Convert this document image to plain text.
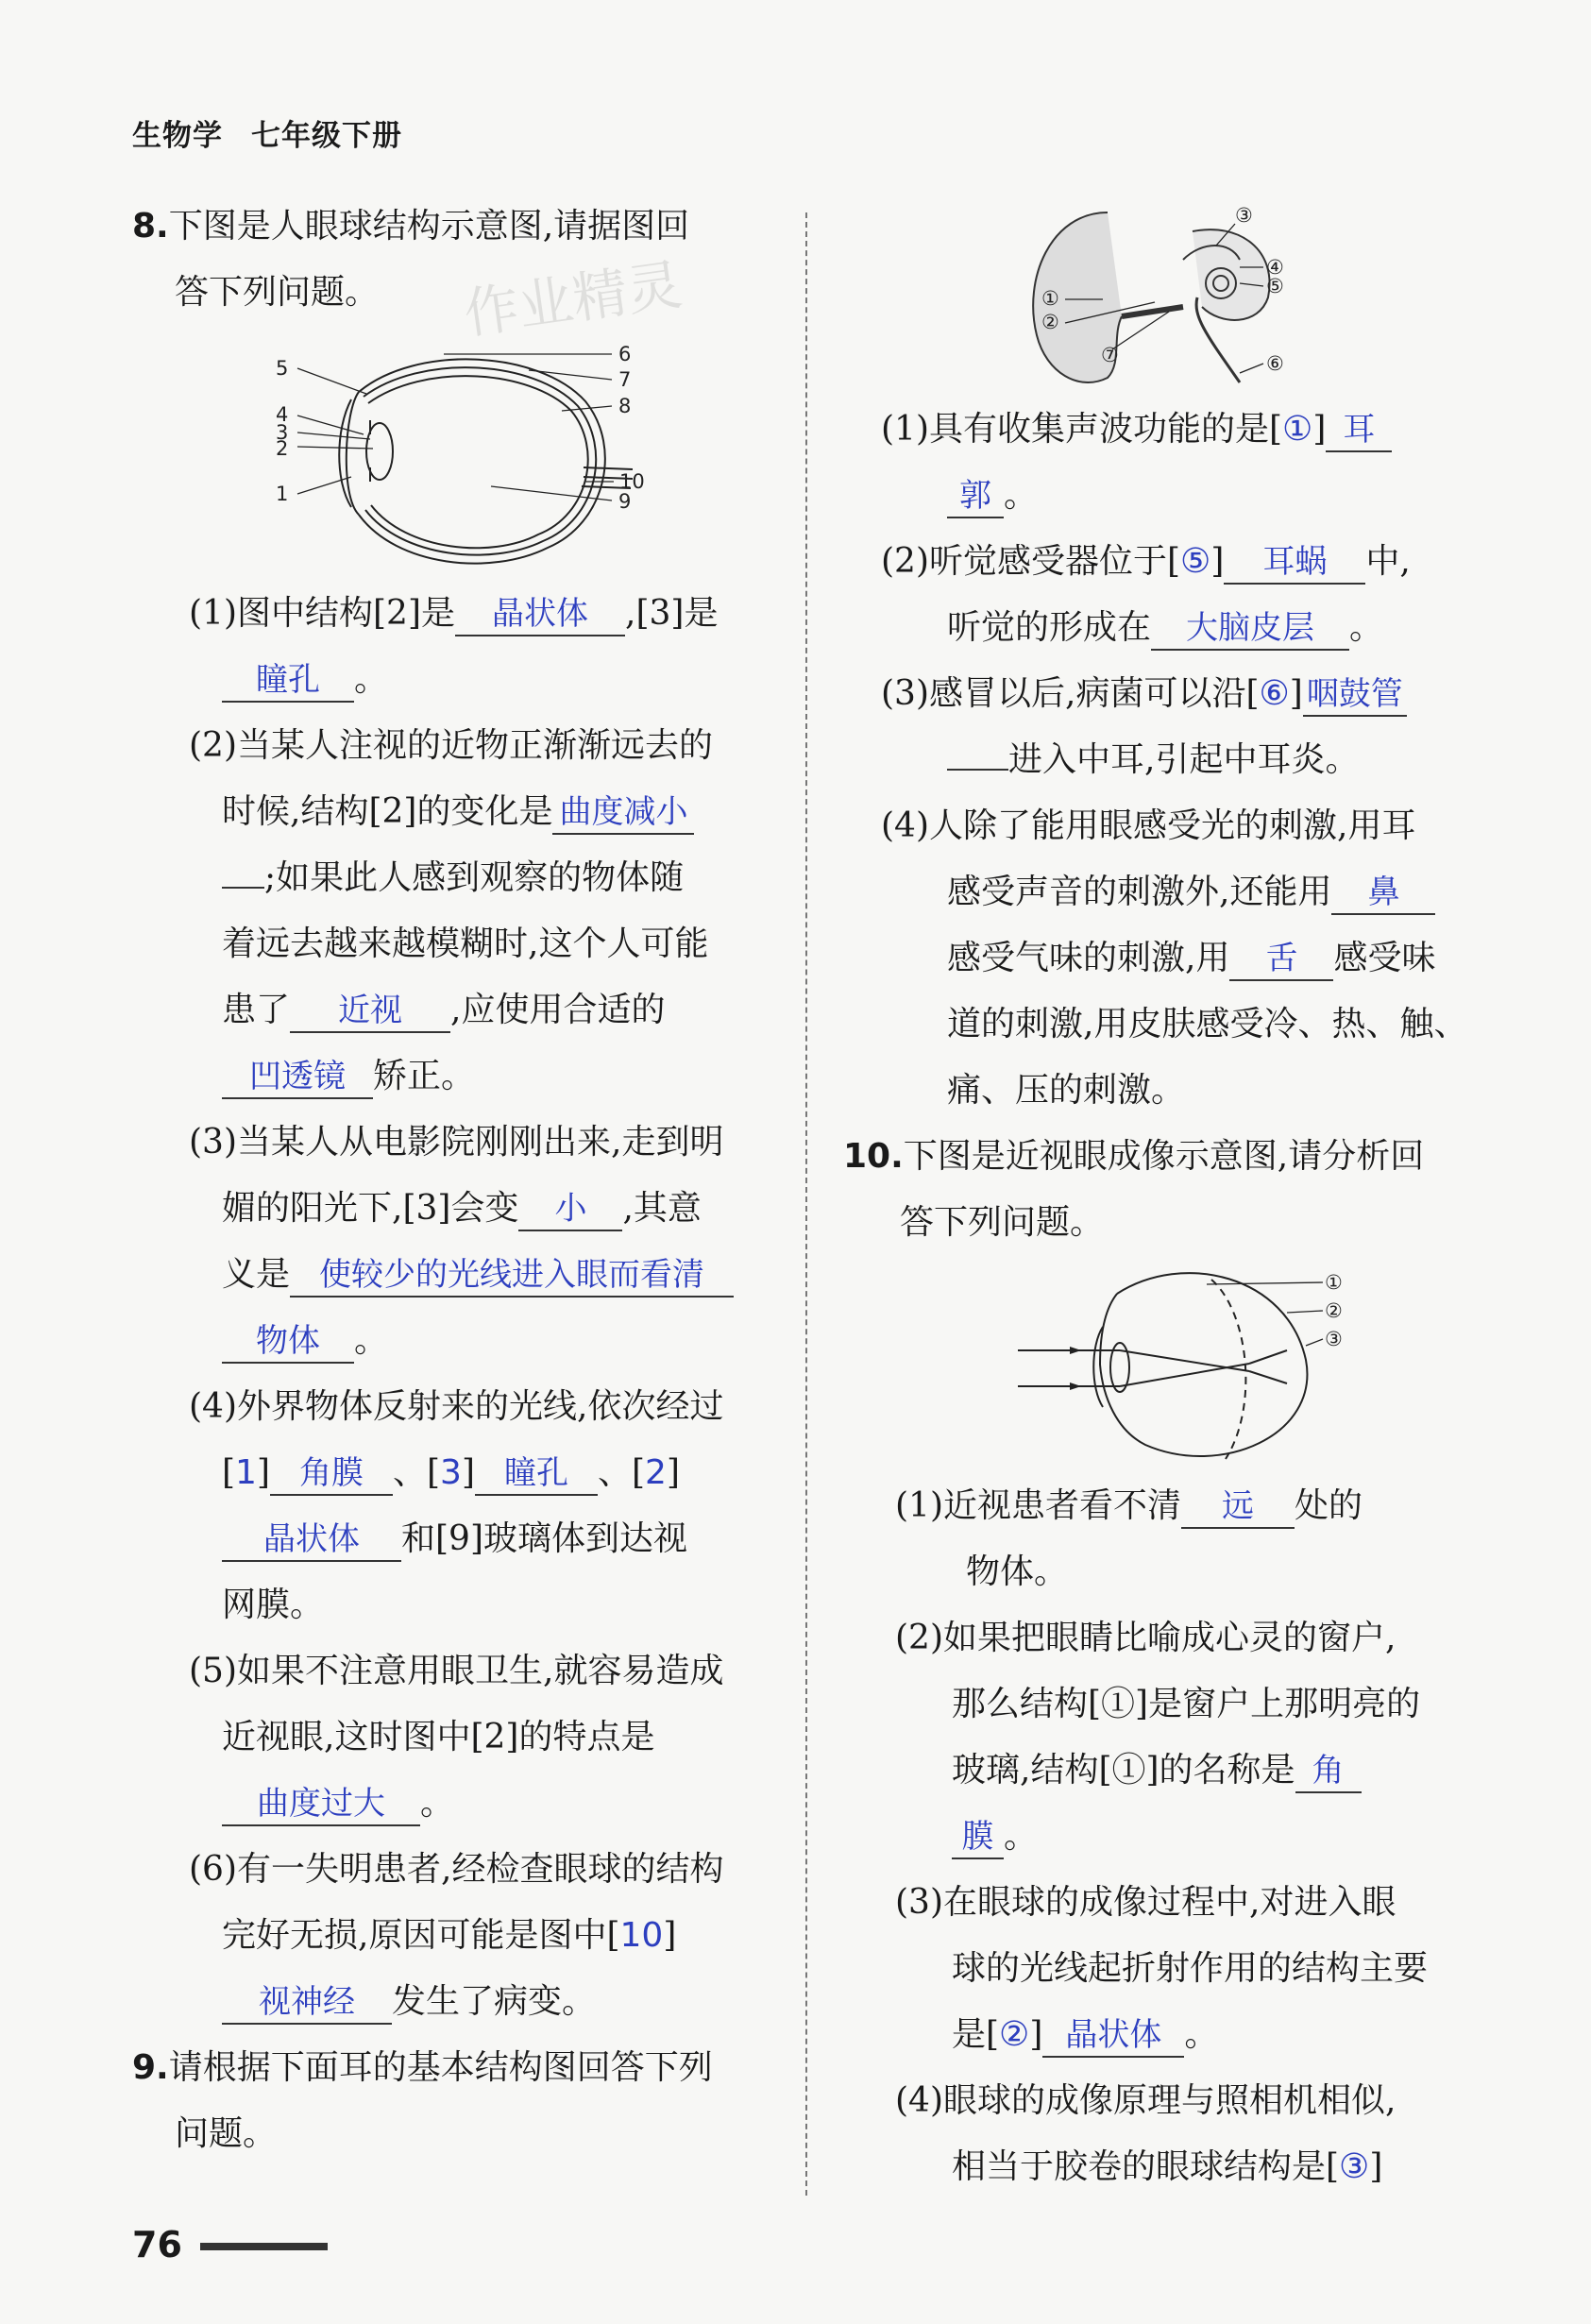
生物学 七年级下册
作业精灵
8.下图是人眼球结构示意图,请据图回
答下列问题。
5
4
3
2
1
6
7
8
9
10
(1)图中结构[2]是 晶状体 ,[3]是
瞳孔 。
(2)当某人注视的近物正渐渐远去的
时候,结构[2]的变化是 曲度减小
;如果此人感到观察的物体随
着远去越来越模糊时,这个人可能
患了 近视 ,应使用合适的
凹透镜 矫正。
(3)当某人从电影院刚刚出来,走到明
媚的阳光下,[3]会变 小 ,其意
义是 使较少的光线进入眼而看清
物体 。
(4)外界物体反射来的光线,依次经过
[1] 角膜 、[3] 瞳孔 、[2]
晶状体 和[9]玻璃体到达视
网膜。
(5)如果不注意用眼卫生,就容易造成
近视眼,这时图中[2]的特点是
曲度过大 。
(6)有一失明患者,经检查眼球的结构
完好无损,原因可能是图中[10]
视神经 发生了病变。
9.请根据下面耳的基本结构图回答下列
问题。
①
②
③
④
⑤
⑥
⑦
(1)具有收集声波功能的是[①] 耳
郭 。
(2)听觉感受器位于[⑤] 耳蜗 中,
听觉的形成在 大脑皮层 。
(3)感冒以后,病菌可以沿[⑥] 咽鼓管
进入中耳,引起中耳炎。
(4)人除了能用眼感受光的刺激,用耳
感受声音的刺激外,还能用 鼻
感受气味的刺激,用 舌 感受味
道的刺激,用皮肤感受冷、热、触、
痛、压的刺激。
10.下图是近视眼成像示意图,请分析回
答下列问题。
①
②
③
(1)近视患者看不清 远 处的
物体。
(2)如果把眼睛比喻成心灵的窗户,
那么结构[①]是窗户上那明亮的
玻璃,结构[①]的名称是 角
膜 。
(3)在眼球的成像过程中,对进入眼
球的光线起折射作用的结构主要
是[②] 晶状体 。
(4)眼球的成像原理与照相机相似,
相当于胶卷的眼球结构是[③]
76
